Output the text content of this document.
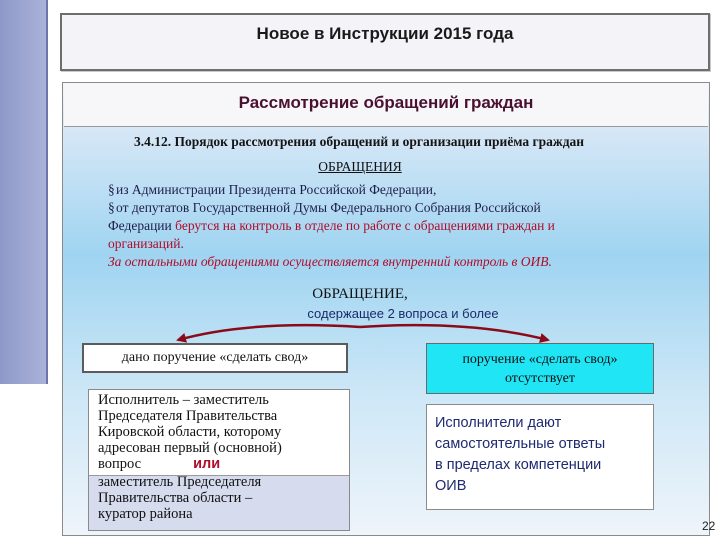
Новое в Инструкции 2015 года
Рассмотрение обращений граждан
3.4.12. Порядок рассмотрения обращений и организации приёма граждан
ОБРАЩЕНИЯ
§из Администрации Президента Российской Федерации,
§от депутатов Государственной Думы Федерального Собрания Российской
Федерации берутся на контроль в отделе по работе с обращениями граждан и
организаций.
За остальными обращениями осуществляется внутренний контроль в ОИВ.
ОБРАЩЕНИЕ,
содержащее 2 вопроса и более
дано поручение «сделать свод»	поручение «сделать свод»
отсутствует
Исполнитель – заместитель
Председателя Правительства
Кировской области, которому
адресован первый (основной)
вопрос	или
заместитель Председателя
Правительства области –
куратор района
Исполнители дают
самостоятельные ответы
в пределах компетенции
ОИВ
22
